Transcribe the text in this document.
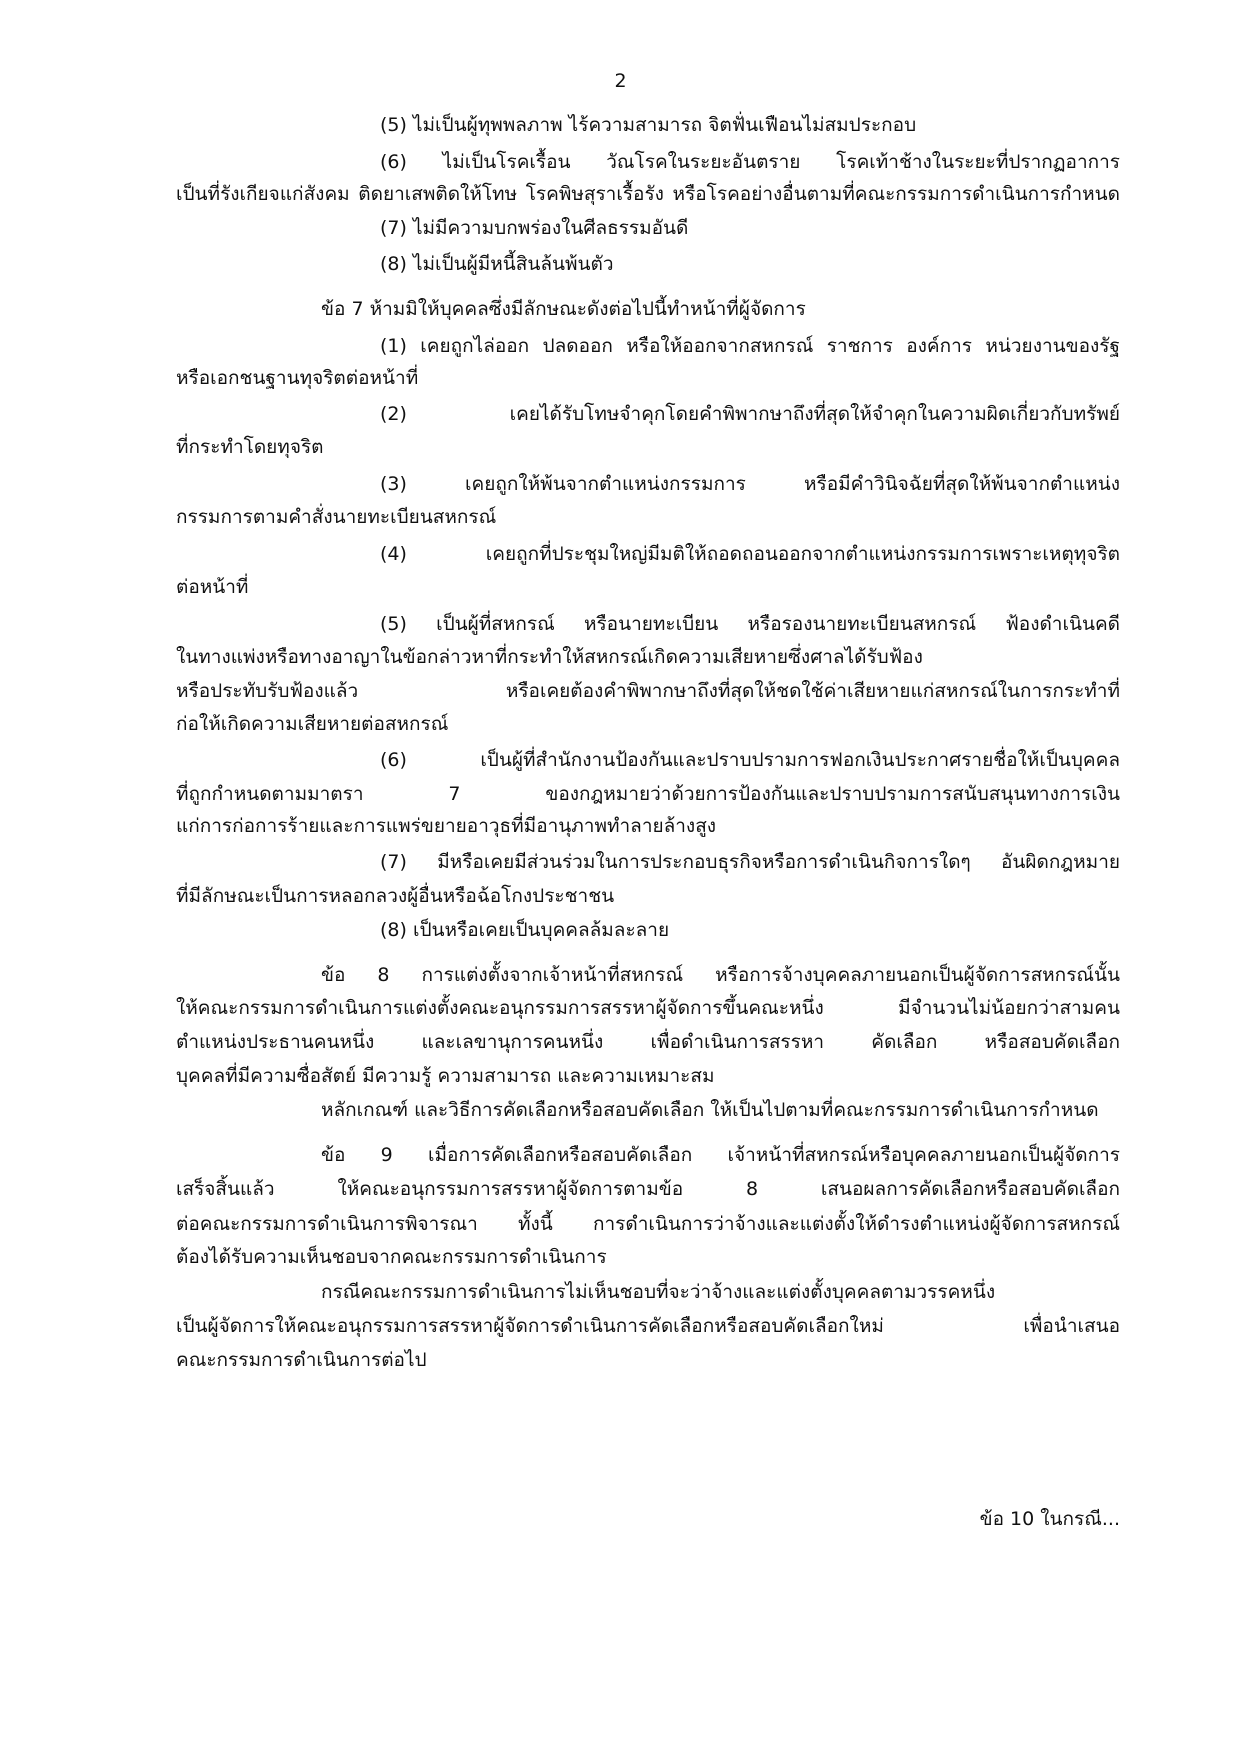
2
(5) ไม่เป็นผู้ทุพพลภาพ ไร้ความสามารถ จิตฟั่นเฟือนไม่สมประกอบ
(6) ไม่เป็นโรคเรื้อน วัณโรคในระยะอันตราย โรคเท้าช้างในระยะที่ปรากฏอาการ
เป็นที่รังเกียจแก่สังคม ติดยาเสพติดให้โทษ โรคพิษสุราเรื้อรัง หรือโรคอย่างอื่นตามที่คณะกรรมการดำเนินการกำหนด
(7) ไม่มีความบกพร่องในศีลธรรมอันดี
(8) ไม่เป็นผู้มีหนี้สินล้นพ้นตัว
ข้อ 7 ห้ามมิให้บุคคลซึ่งมีลักษณะดังต่อไปนี้ทำหน้าที่ผู้จัดการ
(1) เคยถูกไล่ออก ปลดออก หรือให้ออกจากสหกรณ์ ราชการ องค์การ หน่วยงานของรัฐ
หรือเอกชนฐานทุจริตต่อหน้าที่
(2) เคยได้รับโทษจำคุกโดยคำพิพากษาถึงที่สุดให้จำคุกในความผิดเกี่ยวกับทรัพย์
ที่กระทำโดยทุจริต
(3) เคยถูกให้พ้นจากตำแหน่งกรรมการ หรือมีคำวินิจฉัยที่สุดให้พ้นจากตำแหน่ง
กรรมการตามคำสั่งนายทะเบียนสหกรณ์
(4) เคยถูกที่ประชุมใหญ่มีมติให้ถอดถอนออกจากตำแหน่งกรรมการเพราะเหตุทุจริต
ต่อหน้าที่
(5) เป็นผู้ที่สหกรณ์ หรือนายทะเบียน หรือรองนายทะเบียนสหกรณ์ ฟ้องดำเนินคดี
ในทางแพ่งหรือทางอาญาในข้อกล่าวหาที่กระทำให้สหกรณ์เกิดความเสียหายซึ่งศาลได้รับฟ้อง
หรือประทับรับฟ้องแล้ว หรือเคยต้องคำพิพากษาถึงที่สุดให้ชดใช้ค่าเสียหายแก่สหกรณ์ในการกระทำที่
ก่อให้เกิดความเสียหายต่อสหกรณ์
(6) เป็นผู้ที่สำนักงานป้องกันและปราบปรามการฟอกเงินประกาศรายชื่อให้เป็นบุคคล
ที่ถูกกำหนดตามมาตรา 7 ของกฎหมายว่าด้วยการป้องกันและปราบปรามการสนับสนุนทางการเงิน
แก่การก่อการร้ายและการแพร่ขยายอาวุธที่มีอานุภาพทำลายล้างสูง
(7) มีหรือเคยมีส่วนร่วมในการประกอบธุรกิจหรือการดำเนินกิจการใดๆ อันผิดกฎหมาย
ที่มีลักษณะเป็นการหลอกลวงผู้อื่นหรือฉ้อโกงประชาชน
(8) เป็นหรือเคยเป็นบุคคลล้มละลาย
ข้อ 8 การแต่งตั้งจากเจ้าหน้าที่สหกรณ์ หรือการจ้างบุคคลภายนอกเป็นผู้จัดการสหกรณ์นั้น
ให้คณะกรรมการดำเนินการแต่งตั้งคณะอนุกรรมการสรรหาผู้จัดการขึ้นคณะหนึ่ง มีจำนวนไม่น้อยกว่าสามคน
ตำแหน่งประธานคนหนึ่ง และเลขานุการคนหนึ่ง เพื่อดำเนินการสรรหา คัดเลือก หรือสอบคัดเลือก
บุคคลที่มีความซื่อสัตย์ มีความรู้ ความสามารถ และความเหมาะสม
หลักเกณฑ์ และวิธีการคัดเลือกหรือสอบคัดเลือก ให้เป็นไปตามที่คณะกรรมการดำเนินการกำหนด
ข้อ 9 เมื่อการคัดเลือกหรือสอบคัดเลือก เจ้าหน้าที่สหกรณ์หรือบุคคลภายนอกเป็นผู้จัดการ
เสร็จสิ้นแล้ว ให้คณะอนุกรรมการสรรหาผู้จัดการตามข้อ 8 เสนอผลการคัดเลือกหรือสอบคัดเลือก
ต่อคณะกรรมการดำเนินการพิจารณา ทั้งนี้ การดำเนินการว่าจ้างและแต่งตั้งให้ดำรงตำแหน่งผู้จัดการสหกรณ์
ต้องได้รับความเห็นชอบจากคณะกรรมการดำเนินการ
กรณีคณะกรรมการดำเนินการไม่เห็นชอบที่จะว่าจ้างและแต่งตั้งบุคคลตามวรรคหนึ่ง
เป็นผู้จัดการให้คณะอนุกรรมการสรรหาผู้จัดการดำเนินการคัดเลือกหรือสอบคัดเลือกใหม่ เพื่อนำเสนอ
คณะกรรมการดำเนินการต่อไป
ข้อ 10 ในกรณี...
